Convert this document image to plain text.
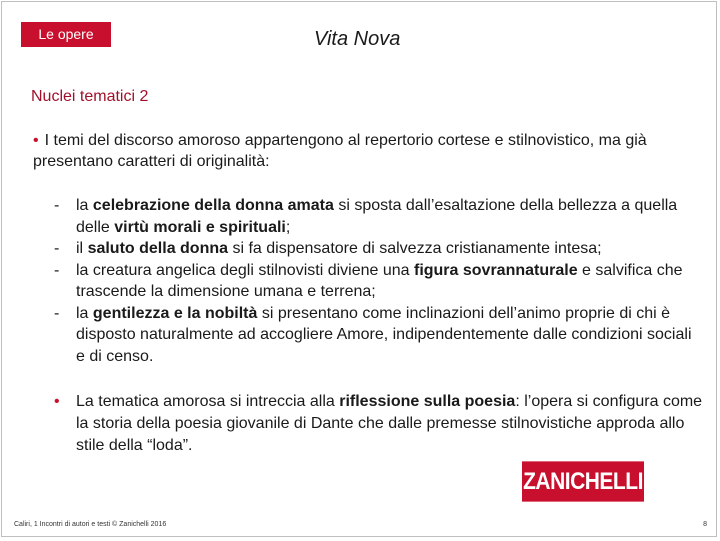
Le opere	Vita Nova
Nuclei tematici 2
• I temi del discorso amoroso appartengono al repertorio cortese e stilnovistico, ma già presentano caratteri di originalità:
- la celebrazione della donna amata si sposta dall’esaltazione della bellezza a quella delle virtù morali e spirituali;
- il saluto della donna si fa dispensatore di salvezza cristianamente intesa;
- la creatura angelica degli stilnovisti diviene una figura sovrannaturale e salvifica che trascende la dimensione umana e terrena;
- la gentilezza e la nobiltà si presentano come inclinazioni dell’animo proprie di chi è disposto naturalmente ad accogliere Amore, indipendentemente dalle condizioni sociali e di censo.
• La tematica amorosa si intreccia alla riflessione sulla poesia: l’opera si configura come la storia della poesia giovanile di Dante che dalle premesse stilnovistiche approda allo stile della “loda”.
ZANICHELLI
Caliri, 1 Incontri di autori e testi © Zanichelli 2016	8
